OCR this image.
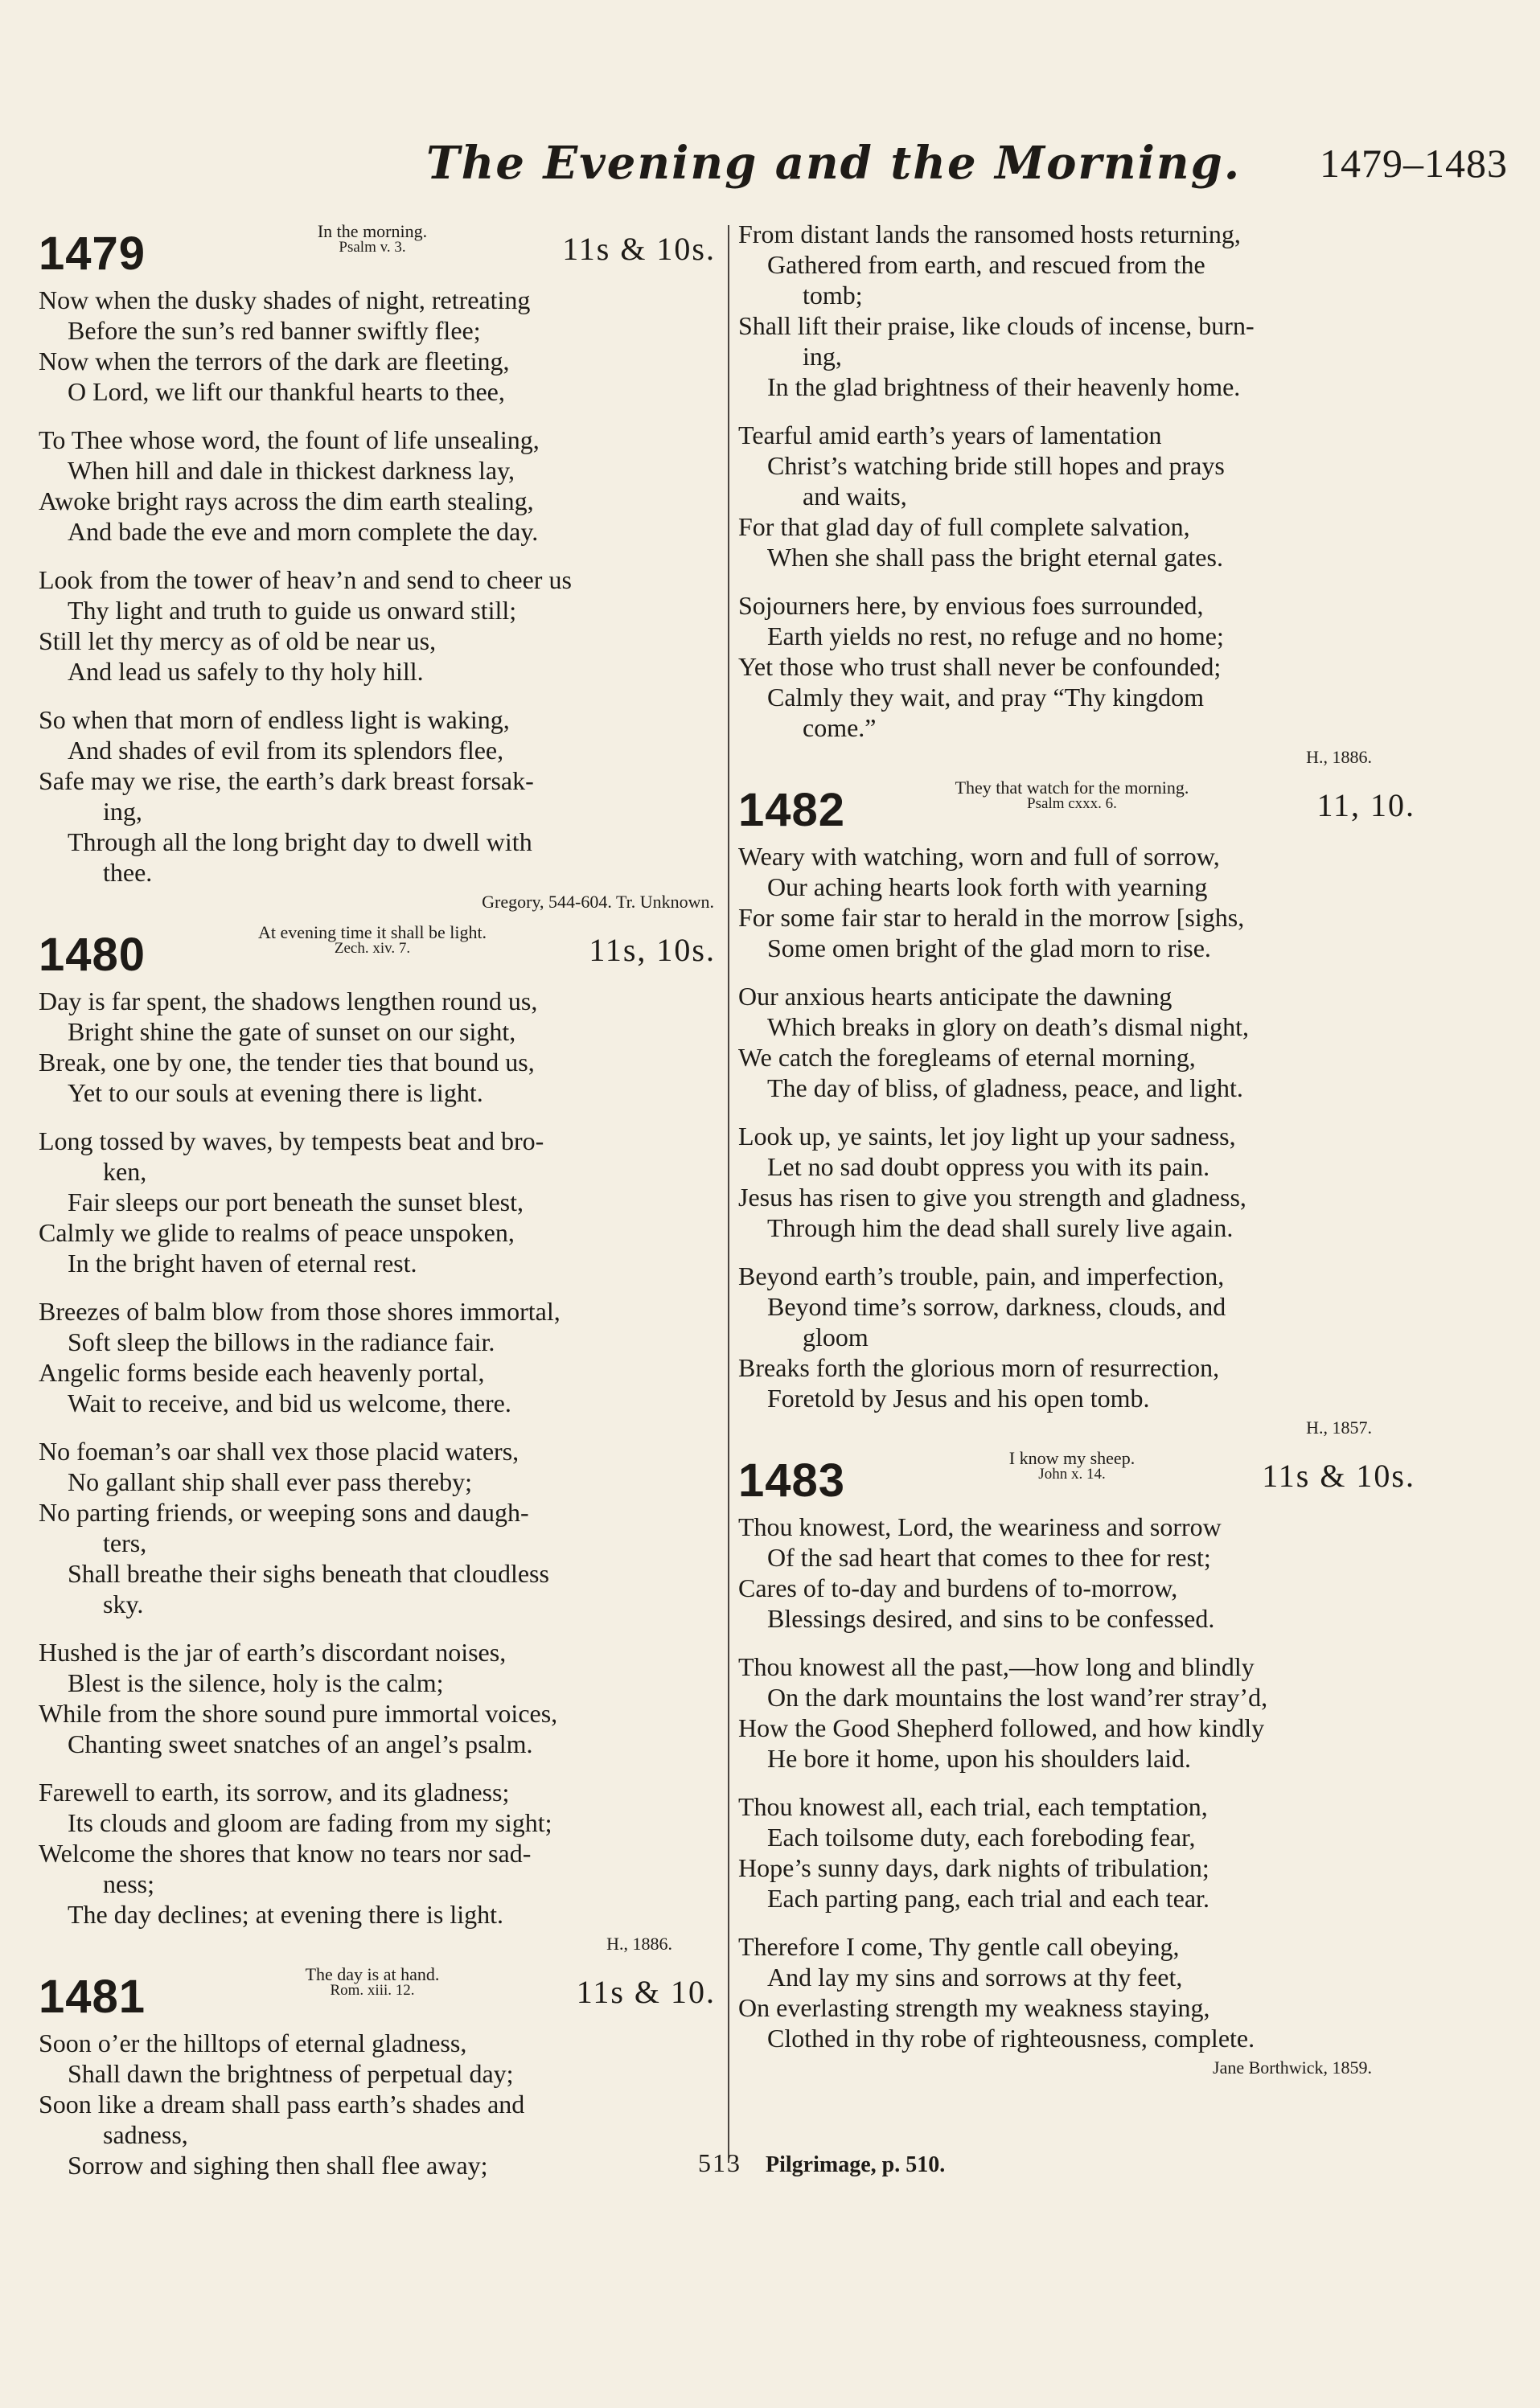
The Evening and the Morning. 1479–1483
1479	In the morning.
Psalm v. 3.	11s & 10s.
Now when the dusky shades of night, retreating
Before the sun’s red banner swiftly flee;
Now when the terrors of the dark are fleeting,
O Lord, we lift our thankful hearts to thee,
To Thee whose word, the fount of life unsealing,
When hill and dale in thickest darkness lay,
Awoke bright rays across the dim earth stealing,
And bade the eve and morn complete the day.
Look from the tower of heav’n and send to cheer us
Thy light and truth to guide us onward still;
Still let thy mercy as of old be near us,
And lead us safely to thy holy hill.
So when that morn of endless light is waking,
And shades of evil from its splendors flee,
Safe may we rise, the earth’s dark breast forsak-
ing,
Through all the long bright day to dwell with
thee.
Gregory, 544-604. Tr. Unknown.
1480	At evening time it shall be light.
Zech. xiv. 7.	11s, 10s.
Day is far spent, the shadows lengthen round us,
Bright shine the gate of sunset on our sight,
Break, one by one, the tender ties that bound us,
Yet to our souls at evening there is light.
Long tossed by waves, by tempests beat and bro-
ken,
Fair sleeps our port beneath the sunset blest,
Calmly we glide to realms of peace unspoken,
In the bright haven of eternal rest.
Breezes of balm blow from those shores immortal,
Soft sleep the billows in the radiance fair.
Angelic forms beside each heavenly portal,
Wait to receive, and bid us welcome, there.
No foeman’s oar shall vex those placid waters,
No gallant ship shall ever pass thereby;
No parting friends, or weeping sons and daugh-
ters,
Shall breathe their sighs beneath that cloudless
sky.
Hushed is the jar of earth’s discordant noises,
Blest is the silence, holy is the calm;
While from the shore sound pure immortal voices,
Chanting sweet snatches of an angel’s psalm.
Farewell to earth, its sorrow, and its gladness;
Its clouds and gloom are fading from my sight;
Welcome the shores that know no tears nor sad-
ness;
The day declines; at evening there is light.
H., 1886.
1481	The day is at hand.
Rom. xiii. 12.	11s & 10.
Soon o’er the hilltops of eternal gladness,
Shall dawn the brightness of perpetual day;
Soon like a dream shall pass earth’s shades and
sadness,
Sorrow and sighing then shall flee away;
From distant lands the ransomed hosts returning,
Gathered from earth, and rescued from the
tomb;
Shall lift their praise, like clouds of incense, burn-
ing,
In the glad brightness of their heavenly home.
Tearful amid earth’s years of lamentation
Christ’s watching bride still hopes and prays
and waits,
For that glad day of full complete salvation,
When she shall pass the bright eternal gates.
Sojourners here, by envious foes surrounded,
Earth yields no rest, no refuge and no home;
Yet those who trust shall never be confounded;
Calmly they wait, and pray “Thy kingdom
come.”
H., 1886.
1482	They that watch for the morning.
Psalm cxxx. 6.	11, 10.
Weary with watching, worn and full of sorrow,
Our aching hearts look forth with yearning
For some fair star to herald in the morrow [sighs,
Some omen bright of the glad morn to rise.
Our anxious hearts anticipate the dawning
Which breaks in glory on death’s dismal night,
We catch the foregleams of eternal morning,
The day of bliss, of gladness, peace, and light.
Look up, ye saints, let joy light up your sadness,
Let no sad doubt oppress you with its pain.
Jesus has risen to give you strength and gladness,
Through him the dead shall surely live again.
Beyond earth’s trouble, pain, and imperfection,
Beyond time’s sorrow, darkness, clouds, and
gloom
Breaks forth the glorious morn of resurrection,
Foretold by Jesus and his open tomb.
H., 1857.
1483	I know my sheep.
John x. 14.	11s & 10s.
Thou knowest, Lord, the weariness and sorrow
Of the sad heart that comes to thee for rest;
Cares of to-day and burdens of to-morrow,
Blessings desired, and sins to be confessed.
Thou knowest all the past,—how long and blindly
On the dark mountains the lost wand’rer stray’d,
How the Good Shepherd followed, and how kindly
He bore it home, upon his shoulders laid.
Thou knowest all, each trial, each temptation,
Each toilsome duty, each foreboding fear,
Hope’s sunny days, dark nights of tribulation;
Each parting pang, each trial and each tear.
Therefore I come, Thy gentle call obeying,
And lay my sins and sorrows at thy feet,
On everlasting strength my weakness staying,
Clothed in thy robe of righteousness, complete.
Jane Borthwick, 1859.
513 Pilgrimage, p. 510.
